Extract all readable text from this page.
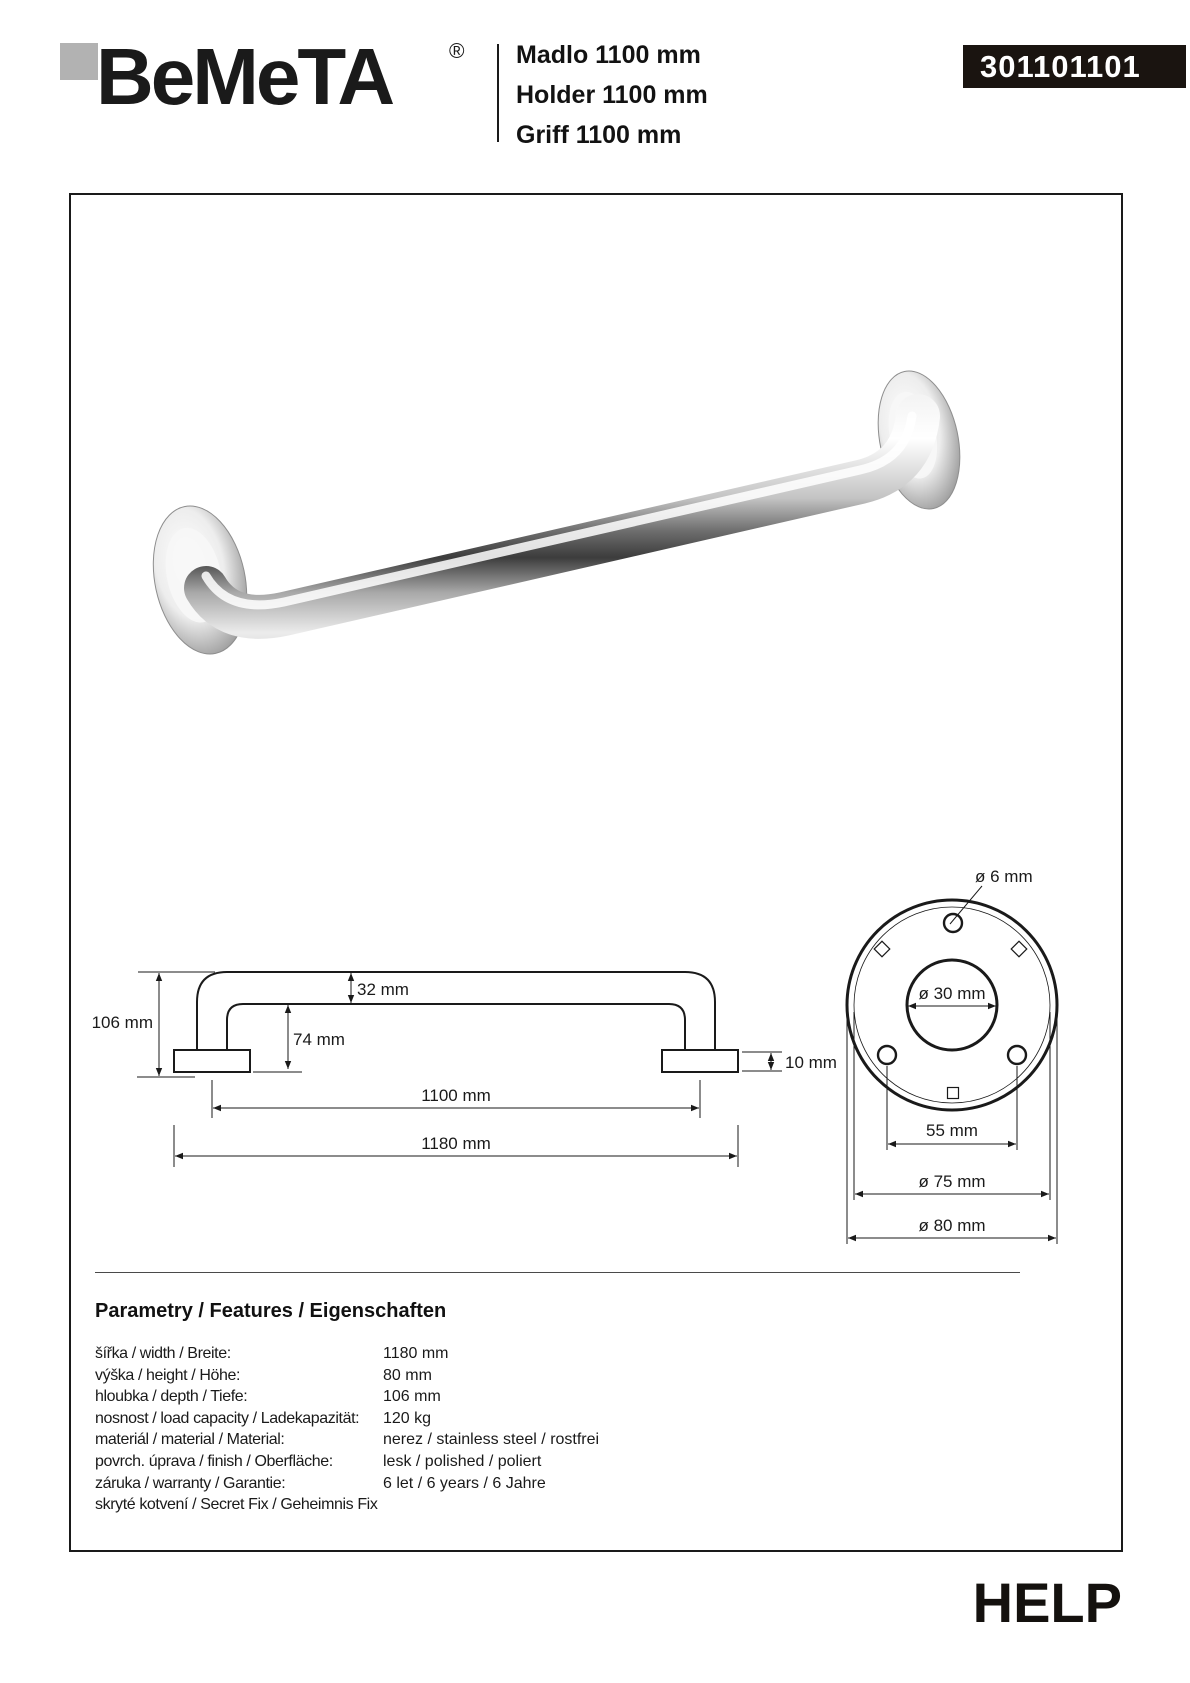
BeMeTA	® Madlo 1100 mm
Holder 1100 mm
Griff 1100 mm
301101101
106 mm
32 mm
74 mm
10 mm
1100 mm
1180 mm
ø 6 mm
ø 30 mm
55 mm
ø 75 mm
ø 80 mm
Parametry / Features / Eigenschaften
šířka / width / Breite:	1180 mm
výška / height / Höhe:	80 mm
hloubka / depth / Tiefe:	106 mm
nosnost / load capacity / Ladekapazität:	120 kg
materiál / material / Material:	nerez / stainless steel / rostfrei
povrch. úprava / finish / Oberfläche:	lesk / polished / poliert
záruka / warranty / Garantie:	6 let / 6 years / 6 Jahre
skryté kotvení / Secret Fix / Geheimnis Fix
HELP
